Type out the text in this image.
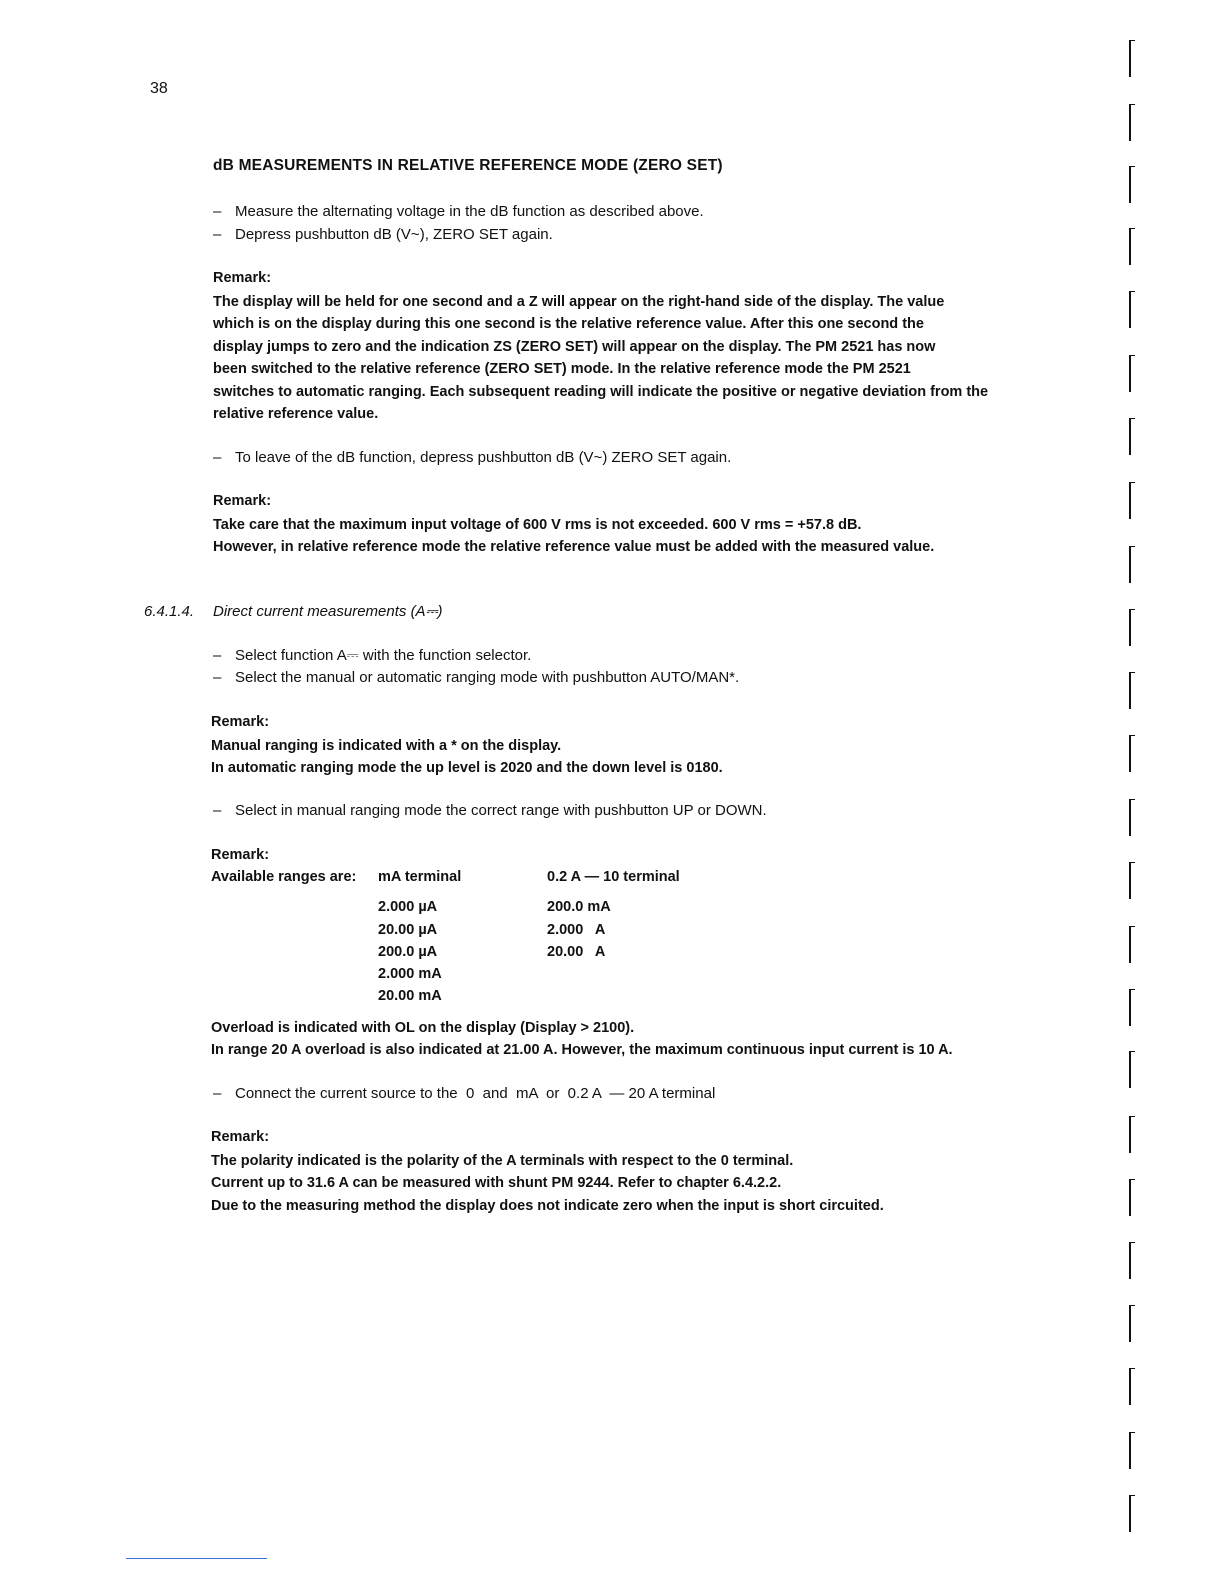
38
dB MEASUREMENTS IN RELATIVE REFERENCE MODE (ZERO SET)
– Measure the alternating voltage in the dB function as described above.
– Depress pushbutton dB (V~), ZERO SET again.
Remark:
The display will be held for one second and a Z will appear on the right-hand side of the display. The value
which is on the display during this one second is the relative reference value. After this one second the
display jumps to zero and the indication ZS (ZERO SET) will appear on the display. The PM 2521 has now
been switched to the relative reference (ZERO SET) mode. In the relative reference mode the PM 2521
switches to automatic ranging. Each subsequent reading will indicate the positive or negative deviation from the
relative reference value.
– To leave of the dB function, depress pushbutton dB (V~) ZERO SET again.
Remark:
Take care that the maximum input voltage of 600 V rms is not exceeded. 600 V rms = +57.8 dB.
However, in relative reference mode the relative reference value must be added with the measured value.
6.4.1.4. Direct current measurements (A⎓)
– Select function A⎓ with the function selector.
– Select the manual or automatic ranging mode with pushbutton AUTO/MAN*.
Remark:
Manual ranging is indicated with a * on the display.
In automatic ranging mode the up level is 2020 and the down level is 0180.
– Select in manual ranging mode the correct range with pushbutton UP or DOWN.
Remark:
Available ranges are: mA terminal	0.2 A — 10 terminal
2.000 µA	200.0 mA
20.00 µA	2.000   A
200.0 µA	20.00   A
2.000 mA	
20.00 mA	
Overload is indicated with OL on the display (Display > 2100).
In range 20 A overload is also indicated at 21.00 A. However, the maximum continuous input current is 10 A.
– Connect the current source to the  0  and  mA  or  0.2 A  — 20 A terminal
Remark:
The polarity indicated is the polarity of the A terminals with respect to the 0 terminal.
Current up to 31.6 A can be measured with shunt PM 9244. Refer to chapter 6.4.2.2.
Due to the measuring method the display does not indicate zero when the input is short circuited.
